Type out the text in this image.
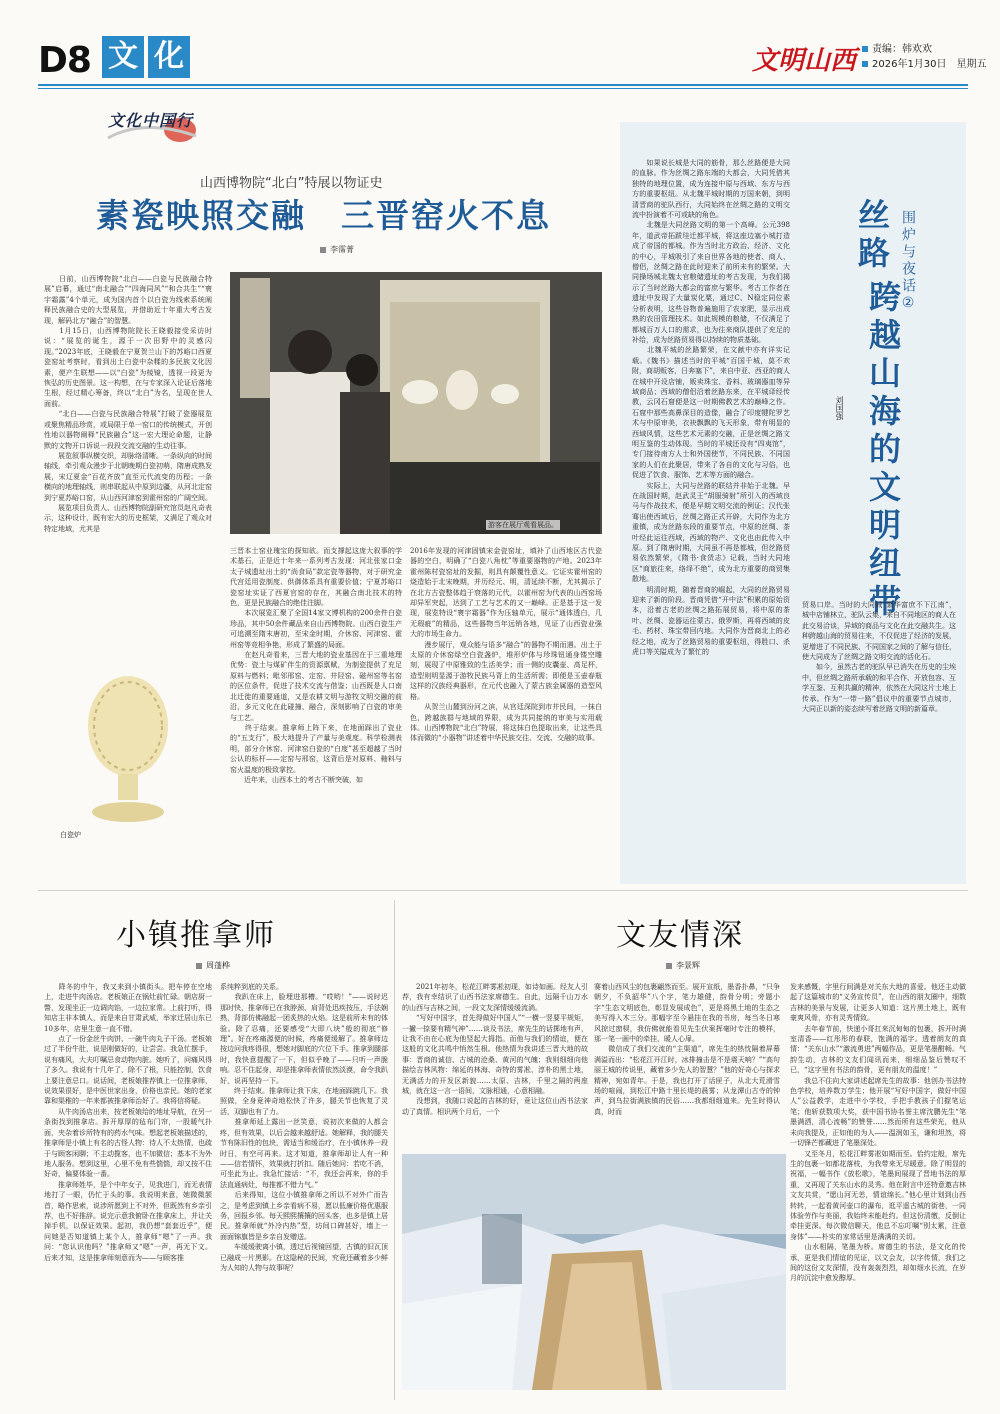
D8 文 化	文明山西	责编：韩欢欢
2026年1月30日　星期五
文化中国行
山西博物院“北白”特展以物证史
素瓷映照交融　三晋窑火不息
李霈菁
　　日前，山西博物院“北白——白瓷与民族融合特展”启幕，通过“南北融合”“四海同风”“和合共生”“寰宇霜露”4个单元，成为国内首个以白瓷为线索系统阐释民族融合史的大型展览，并借助近十年重大考古发现，解码北方“融合”的智慧。
　　1月15日，山西博物院院长王晓毅接受采访时说：“展览的诞生，源于一次田野中的灵感闪现。”2023年底，王晓毅在宁夏贺兰山下的苏峪口西夏瓷窑址考察时，看到出土白瓷中杂糅的多民族文化因素，便产生联想——以“白瓷”为棱镜，透视一段更为恢弘的历史图景。这一构想，在与专家深入论证后落地生根，经过精心筹备，终以“北白”为名，呈现在世人面前。
　　“北白——白瓷与民族融合特展”打破了瓷器展览或聚焦精品珍赏，或局限于单一窑口的传统模式，开创性地以器物阐释“民族融合”这一宏大理论命题，让静默的文物开口诉说一段段交流交融的生动往事。
　　展览叙事纵横交织，却脉络清晰。一条纵向的时间轴线，牵引观众漫步于北朝晚期白瓷初萌，隋唐成熟发展，宋辽夏金“百花齐放”直至元代流变的历程；一条横向的地理轴线，则串联起从中原到边疆，从河北定窑到宁夏苏峪口窑，从山西河津窑到霍州窑的广阔空间。
　　展览项目负责人、山西博物院副研究馆员赵凡奇表示，这种设计，既有宏大的历史框架，又满足了观众对特定地域，尤其是	游客在展厅观看展品。
白瓷炉
三晋本土窑业瑰宝的探知欲。而支撑起这庞大叙事的学术基石，正是近十年来一系列考古发现：河北张家口金太子城遗址出土的“尚食局”款定瓷等器物，对于研究金代宫廷用瓷制度、供御体系具有重要价值；宁夏苏峪口瓷窑址实证了西夏官窑的存在，其融合南北技术的特色，更是民族融合的绝佳注脚。
　　本次展览汇聚了全国14家文博机构的200余件白瓷珍品，其中50余件藏品来自山西博物院。山西白瓷生产可追溯至隋末唐初，至宋金时期，介休窑、河津窑、霍州窑等竞相争艳，形成了繁盛的局面。
　　在赵凡奇看来，三晋大地的瓷业基因在于三重地理优势：瓷土与煤矿伴生的资源禀赋，为制瓷提供了充足原料与燃料；毗邻邢窑、定窑、井陉窑、磁州窑等名窑的区位条件，促进了技术交流与借鉴；山西既是人口南北迁徙的重要通道，又是农耕文明与游牧文明交融的前沿，多元文化在此碰撞、融合，深刻影响了白瓷的审美与工艺。
　　终于结束。推拿师上阵下来，在地面踩出了瓷业的“五支行”，极大地提升了产量与美观度。科学检测表明，部分介休窑、河津窑白瓷的“白度”甚至超越了当时公认的标杆——定窑与邢窑，这背后是对原料、釉料与窑火温度的极致掌控。
　　近年来，山西本土的考古不断突破，如
2016年发现的河津固镇宋金瓷窑址，填补了山西地区古代瓷器的空白，明确了“白瓷八角枕”等重要器物的产地。2023年霍州陈村瓷窑址的发掘，则具有颠覆性意义。它证实霍州窑的烧造始于北宋晚期，并历经元、明，清延续不断，尤其揭示了在北方古瓷整体趋于衰落的元代，以霍州窑为代表的山西窑场却异军突起，达到了工艺与艺术的又一巅峰。正是基于这一发现，展览特设“寰宇霜器”作为压轴单元，展示“通体透白，几无瑕疵”的精品，这些器物当年远销各地，见证了山西瓷业强大的市场生命力。
　　漫步展厅，观众能与语多“融合”的器物不期而遇。出土于太原的介休窑绿空白瓷盏炉，堆形炉体与珍珠钮通身镂空雕刻，展现了中原雅致的生活美学；而一侧的皮囊壶、高足杯，造型则明显源于游牧民族马背上的生活所需；即便是玉壶春瓶这样的汉族经典器形，在元代也融入了蒙古族金属器的造型风格。
　　从贺兰山麓到汾河之滨，从宫廷深院到市井民间，一抹白色，跨越族群与地域的界限，成为共同接纳的审美与实用载体。山西博物院“北白”特展，将这抹白色提取出来，让这些具体而微的“小器物”讲述着中华民族交往、交流、交融的故事。
围炉与夜话②
丝路
跨越山海的文明纽带
刘国强
　　如果说长城是大同的筋骨，那么丝路便是大同的血脉。作为丝绸之路东端的大都会，大同凭借其独特的地理位置，成为连接中原与西域、东方与西方的重要枢纽。从北魏平城时期的万国来朝，到明清晋商的驼队西行，大同始终在丝绸之路的文明交流中扮演着不可或缺的角色。
　　北魏是大同丝路文明的第一个高峰。公元398年，道武帝拓跋珪迁都平城，将这座边塞小城打造成了帝国的都城。作为当时北方政治、经济、文化的中心，平城吸引了来自世界各地的使者、商人、僧侣，丝绸之路在此时迎来了前所未有的繁荣。大同操场城北魏太官粮储遗址的考古发现，为我们揭示了当时丝路大都会的富庶与繁华。考古工作者在遗址中发现了大量炭化粟，通过C、N稳定同位素分析表明，这些谷物普遍施用了农家肥，显示出成熟的农田管理技术。如此规模的粮储，不仅满足了都城百万人口的需求，也为往来商队提供了充足的补给，成为丝路贸易得以持续的物质基础。
　　北魏平城的丝路繁荣，在文献中亦有详实记载。《魏书》描述当时的平城“百国千城，莫不欢附，商胡贩客，日奔塞下”，来自中亚、西亚的商人在城中开设店铺，贩卖珠宝、香料、玻璃器皿等异域商品；西域的僧侣沿着丝路东来，在平城译经传教，云冈石窟便是这一时期佛教艺术的巅峰之作。石窟中那些高鼻深目的造像，融合了印度犍陀罗艺术与中原审美，衣袂飘飘的飞天形象，带有明显的西域风情，这些艺术元素的交融，正是丝绸之路文明互鉴的生动体现。当时的平城还设有“四夷馆”，专门接待南方人士和外国使节，不同民族、不同国家的人们在此聚居，带来了各自的文化与习俗，也促进了饮食、服饰、艺术等方面的融合。
　　实际上，大同与丝路的联结并非始于北魏。早在战国时期，赵武灵王“胡服骑射”所引入的西域良马与作战技术，便是早期文明交流的例证；汉代张骞出使西域后，丝绸之路正式开辟，大同作为北方重镇，成为丝路东段的重要节点，中原的丝绸、茶叶经此运往西域，西域的物产、文化也由此传入中原。到了隋唐时期，大同虽不再是都城，但丝路贸易依然繁荣，《隋书·食货志》记载，当时大同地区“商旅往来，络绎不绝”，成为北方重要的商贸集散地。
　　明清时期，随着晋商的崛起，大同的丝路贸易迎来了新的阶段。晋商凭借“开中法”积累的原始资本，沿着古老的丝绸之路拓展贸易，将中原的茶叶、丝绸、瓷器运往蒙古、俄罗斯，再将西域的皮毛、药材、珠宝带回内地。大同作为晋商北上的必经之地，成为了丝路贸易的重要枢纽，得胜口、杀虎口等关隘成为了繁忙的
贸易口岸。当时的大同城“繁华富庶不下江南”，城中店铺林立，驼队云集，来自不同地区的商人在此交易洽谈，异域的商品与文化在此交融共生。这种跨越山海的贸易往来，不仅促进了经济的发展，更增进了不同民族、不同国家之间的了解与信任，使大同成为了丝绸之路文明交流的活化石。
　　如今，虽然古老的驼队早已消失在历史的尘埃中，但丝绸之路所承载的和平合作、开放包容、互学互鉴、互利共赢的精神，依然在大同这片土地上传承。作为“一带一路”倡议中的重要节点城市，大同正以新的姿态续写着丝路文明的新篇章。
小镇推拿师
周蓬桦
　　降冬的中午，我又来到小镇街头。把车停在空地上，走进牛肉汤店。老板娘正在锅灶前忙碌。朝店厨一瞥，发现坐正一边调肉馅，一边拉家常。上前打听，得知店主非本镇人，而是来自甘肃武威，举家迁居山东已10多年，店里生意一直不错。
　　点了一份金丝牛肉饼、一碗牛肉丸子干汤。老板娘过了半份牛肚，说是刚做好的，让尝尝。我急忙摆手，说有痛风，大夫叮嘱忌食动物内脏。她听了，问痛风得了多久。我说有十几年了，除不了根，只能控制，饮食上要注意忌口。说话间，老板娘推荐镇上一位推拿师，说效果很好，是中医世家出身，价格也亲民。她的老家靠和渠稚的一年来都被推拿师治好了。我将信将疑。
　　从牛肉汤店出来，按老板娘给的地址导航，在另一条街找到推拿店。拆开厚厚的毡布门帘，一股暖气扑面，夹杂着诊所特有的药水气味。想起老板娘描述的，推拿师是小镇上有名的古怪人物：待人不太热情，也疏于与顾客闲聊；不主动揽客，也不加微信；基本不为外地人服务。想到这里，心里不免有些惴惴，却又按不住好奇，偏要体验一番。
　　推拿师姓毕，是个中年女子，见我进门，而无表情地打了一眼，仍忙于头的事。我说明来意，她微微颔首，略作思索，说涉所愿到上不对外，但既然有乡亲引荐，也不好推辞。说完示意我俯卧在推拿床上，并让关掉手机，以保证效果。起初，我仍想“套套近乎”，便问她是否知道镇上某个人，推拿师“嗯”了一声。我问：“您认识他吗？”推拿师又“嗯”一声，再无下文。后来才知，这是推拿师刻意而为——与顾客推
系纯粹到底的关系。
　　我趴在床上，脸埋进那槽。“哎哟！”——说时迟那时快，推拿师已在我脖颈、肩背处迅疾按压，手法娴熟，背部仿佛融起一团炙热的火焰。这是前所未有的体验。除了忍痛，还要感受“大即八块”般的彻底“修理”。好在疼痛源便的时候，疼痛便缓解了。推拿师边按边问我疼得很，想她对脚底的穴位下手。推拿到腿部时，我快意提醒了一下，但似乎晚了——只听一声脆响。忍不住起身，却是推拿师表情依然淡漠，命令我趴好，说再坚持一下。
　　终于结束。推拿师让我下床，在地面踩跳几下。我照做，全身竟神奇地松快了许多，腿关节也恢复了灵活，双脚也有了力。
　　推拿师延上露出一丝笑意，说初次来做的人都会疼，但有效果，以后会越来越舒适。她解释，我的腿关节有陈旧性的包块，需适当和缓治疗，在小镇休养一段时日，有空可再来。这才知道，推拿师却让人有一种——信若情怀，效果就打折扣。随后她问：若吃不消，可坐此为止。我急忙接话：“不，我还会再来，你的手法直通病灶，每推都不错力气。”
　　后来得知，这位小镇推拿师之所以不对外广而告之，是考虑到镇上乡亲看病不易，愿以低廉价格优惠服务，回报乡邻。每天熙熙攘攘的回头客，也多是镇上居民。推拿师就“外冷内热”型，坊间口碑甚好，墙上一面面锦旗皆是乡亲自发赠送。
　　车缓缓驶离小镇，透过后视镜回望，古镇的旧瓦顶已融成一片黑影。在这隐秘的民间，究竟还藏着多少鲜为人知的人物与故事呢？
文友情深
李景辉
　　2021年初冬，松花江畔雾凇初现，如诗如画。经友人引荐，我有幸结识了山西书法家席德生。自此，远隔千山万水的山西与吉林之间，一段文友深情缓缓流淌。
　　“写好中国字，首先得做好中国人”“一横一竖要平规矩，一撇一捺要有精气神”……谈及书法，席先生的话掷地有声，让我不由在心底为他竖起大拇指。而他与我们的情谊，便在这般的文化共鸣中悄然生根。他热情为我讲述三晋大地的故事：晋商的诚信、古城的沧桑、黄河的气魄；我则细细向他描绘吉林风物：绵延的林海、奇特的雾凇、淳朴的黑土地，无满活力的开发区新貌……太原、吉林，千里之隔的两座城，就在这一言一语间，文脉相通，心意相融。
　　没想到，我随口说起的吉林的好，竟让这位山西书法家动了真情。相识两个月后，一个
赛着山西风尘的包裹翩然而至。展开宣纸，墨香扑鼻，“只争朝夕，不负韶华”八个字，笔力雄健，韵骨分明；旁题小字“生态文明底色，彰显发展成色”，更是将黑土地的生态之美写得入木三分。那幅字至今悬挂在我的书房，每当冬日寒风掠过窗棂，我仿佛就能看见先生伏案挥毫时专注的模样，那一笔一画中的牵挂，暖人心扉。
　　微信成了我们交流的“主渠道”，席先生的热忱隔着屏幕满溢而出：“松花江开江时，冰排撞击是不是震天响？”“高句丽王城的传说里，藏着多少先人的智慧？”他的好奇心与探求精神，宛如青年。于是，我也打开了话匣子，从北大荒滑雪场的喧闹，到松江中路十里长堤的晨雾；从龙潭山古寺的钟声，到乌拉街满族镇的民俗……我都细细道来。先生时得认真，时而
发来感慨，字里行间满是对关东大地的喜爱。他还主动做起了这篇城市的“义务宣传员”，在山西的朋友圈中，细数吉林的美景与发展，让更多人知道：这片黑土地上，既有豪爽风骨，亦有灵秀情致。
　　去年春节前，快递小哥扛来沉甸甸的包裹，拆开时满室清香——红彤彤的春联，饱满的福字。透着朗友的真情：“关东山水”“激流勇进”两幅作品，更是笔墨酣畅。气韵生动，吉林的文友们闻讯而来，细细品鉴后赞叹不已，“这字里有书法的韵骨，更有朋友的温度！”
　　我总不住向大家讲述起席先生的故事：他创办书法特色学校，培养数万学生；他开展“写好中国字，做好中国人”公益教学，走进中小学校，手把手教孩子们握笔运笔；他斩获数项大奖，获中国书协名誉主席沈鹏先生“笔墨满洒，清心流畅”的赞誉……然而所有这些荣光，他从未向我提及，正如他的为人——温润如玉，谦和坦然，将一切锋芒都藏进了笔墨深处。
　　又至冬月，松花江畔雾凇如期而至。恰约定般，席先生的包裹一如都花落枝，为我带来无尽暖意。除了明显的祝福，一幅书作《放松歌》，笔墨间展现了晋地书法的厚重，又再现了关东山水的灵秀。他在附言中还特意邀吉林文友共赏，“愿山河无恙，情谊绵长。”他心里计划到山西转转，一起看黄河壶口的瀑布，逛平遥古城的街巷，一同体验劳作与美丽，我始终未能赴约。但这份清缴，反倒让牵挂更深。每次微信聊天，他总不忘叮嘱“别太累，注意身体”——朴实的家常话里是满满的关切。
　　山水相隔，笔墨为桥。席德生的书法，是文化的传承，更是我们情谊的见证，以文会友，以字传情，我们之间的这份文友深情，没有轰轰烈烈，却如细水长流，在岁月的沉淀中愈发醇厚。
